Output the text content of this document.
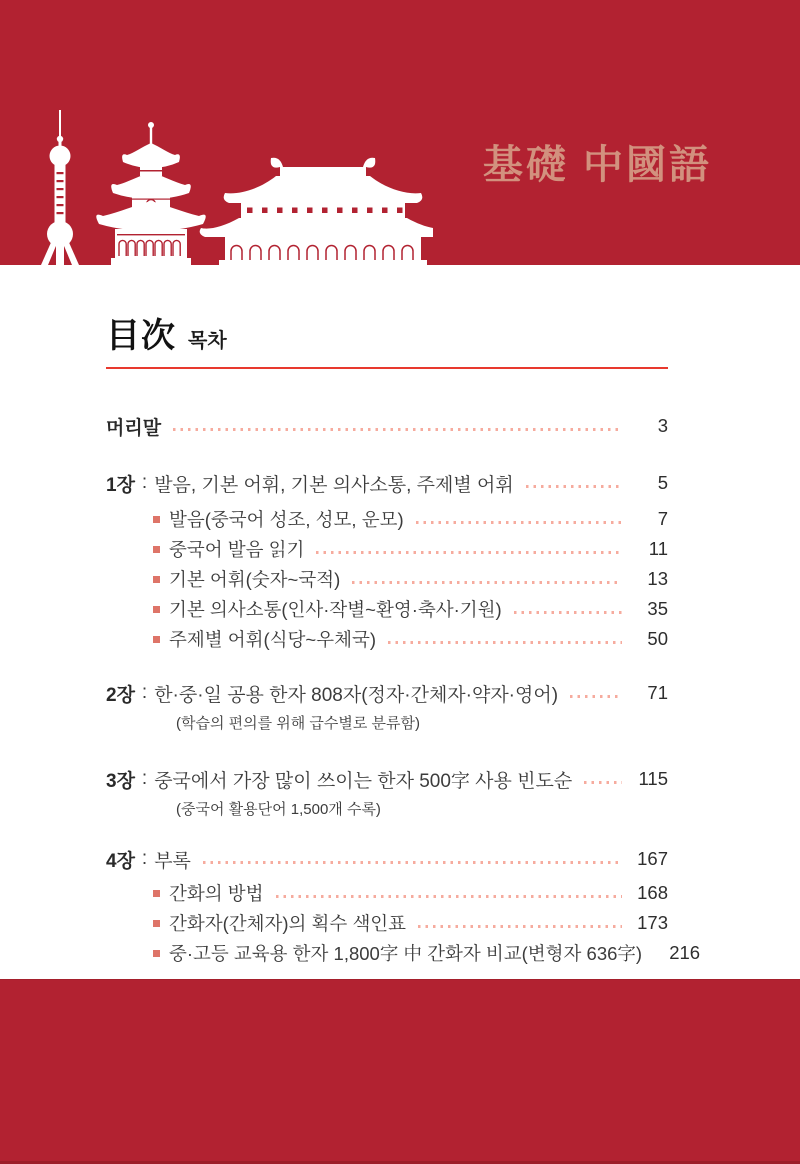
基礎 中國語
目次 목차
머리말	3
1장 : 발음, 기본 어휘, 기본 의사소통, 주제별 어휘	5
발음(중국어 성조, 성모, 운모)	7
중국어 발음 읽기	11
기본 어휘(숫자~국적)	13
기본 의사소통(인사·작별~환영·축사·기원)	35
주제별 어휘(식당~우체국)	50
2장 : 한·중·일 공용 한자 808자(정자·간체자·약자·영어)	71
(학습의 편의를 위해 급수별로 분류함)
3장 : 중국에서 가장 많이 쓰이는 한자 500字 사용 빈도순	115
(중국어 활용단어 1,500개 수록)
4장 : 부록	167
간화의 방법	168
간화자(간체자)의 획수 색인표	173
중·고등 교육용 한자 1,800字 中 간화자 비교(변형자 636字) 216
